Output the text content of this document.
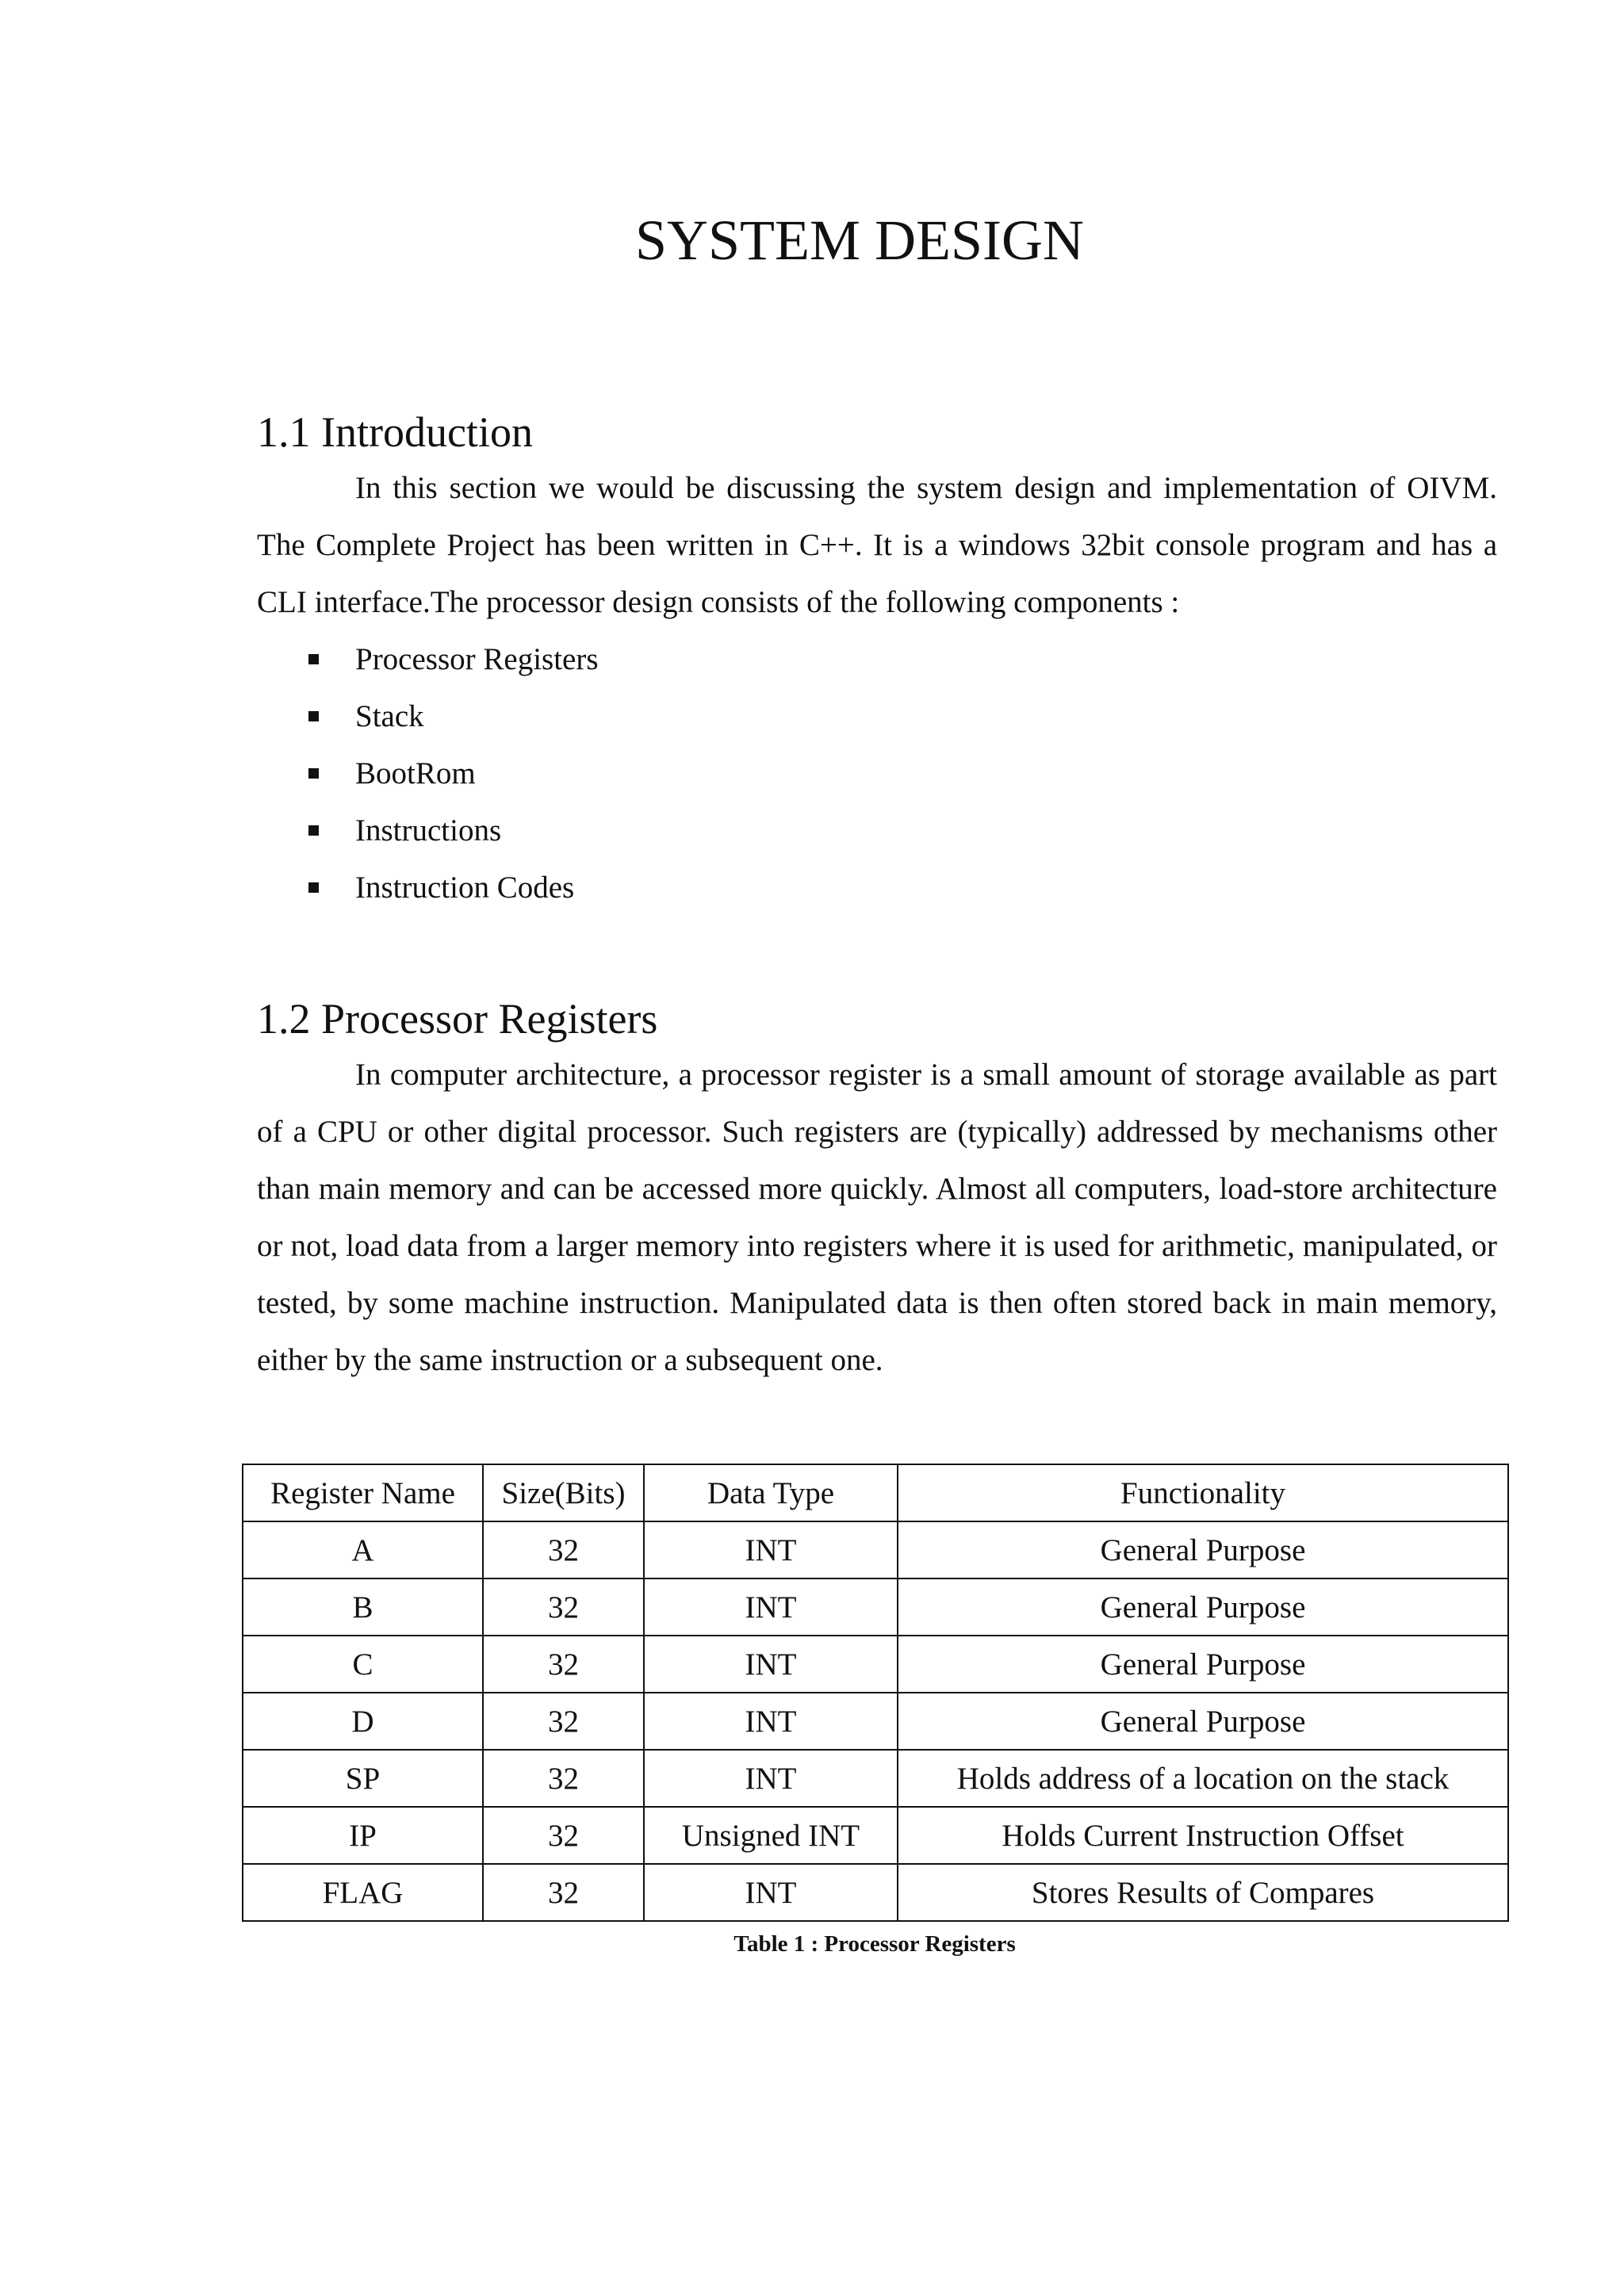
SYSTEM DESIGN
1.1 Introduction

In this section we would be discussing the system design and implementation of OIVM. The Complete Project has been written in C++. It is a windows 32bit console program and has a CLI interface.The processor design consists of the following components :

Processor Registers
Stack
BootRom
Instructions
Instruction Codes
1.2 Processor Registers

In computer architecture, a processor register is a small amount of storage available as part of a CPU or other digital processor. Such registers are (typically) addressed by mechanisms other than main memory and can be accessed more quickly. Almost all computers, load-store architecture or not, load data from a larger memory into registers where it is used for arithmetic, manipulated, or tested, by some machine instruction. Manipulated data is then often stored back in main memory, either by the same instruction or a subsequent one.

Register Name	Size(Bits)	Data Type	Functionality
A	32	INT	General Purpose
B	32	INT	General Purpose
C	32	INT	General Purpose
D	32	INT	General Purpose
SP	32	INT	Holds address of a location on the stack
IP	32	Unsigned INT	Holds Current Instruction Offset
FLAG	32	INT	Stores Results of Compares
Table 1 : Processor Registers
